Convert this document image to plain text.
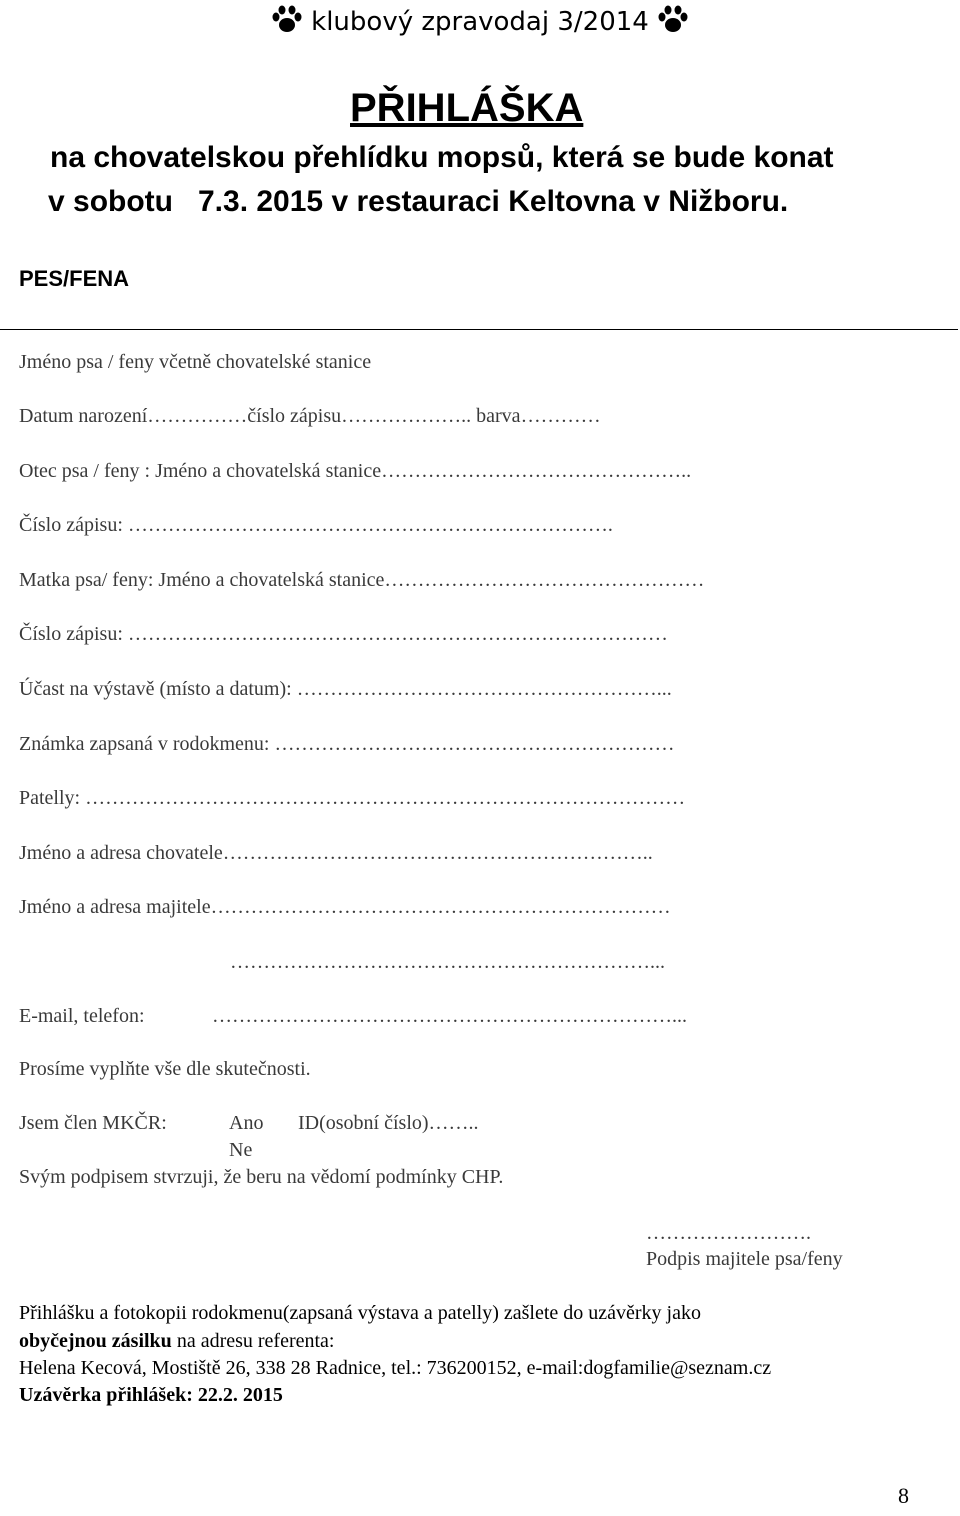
klubový zpravodaj 3/2014
PŘIHLÁŠKA
na chovatelskou přehlídku mopsů, která se bude konat
v sobotu   7.3. 2015 v restauraci Keltovna v Nižboru.
PES/FENA
Jméno psa / feny včetně chovatelské stanice
Datum narození……………číslo zápisu……………….. barva…………
Otec psa / feny : Jméno a chovatelská stanice………………………………………..
Číslo zápisu: ……………………………………………………………….
Matka psa/ feny: Jméno a chovatelská stanice…………………………………………
Číslo zápisu: ………………………………………………………………………
Účast na výstavě (místo a datum): ………………………………………………...
Známka zapsaná v rodokmenu: ……………………………………………………
Patelly: ………………………………………………………………………………
Jméno a adresa chovatele………………………………………………………..
Jméno a adresa majitele……………………………………………………………
………………………………………………………...
E-mail, telefon:	……………………………………………………………...
Prosíme vyplňte vše dle skutečnosti.
Jsem člen MKČR:	Ano ID(osobní číslo)……..
Ne
Svým podpisem stvrzuji, že beru na vědomí podmínky CHP.
…………………….
Podpis majitele psa/feny
Přihlášku a fotokopii rodokmenu(zapsaná výstava a patelly) zašlete do uzávěrky jako
obyčejnou zásilku na adresu referenta:
Helena Kecová, Mostiště 26, 338 28 Radnice, tel.: 736200152, e-mail:dogfamilie@seznam.cz
Uzávěrka přihlášek: 22.2. 2015
8
